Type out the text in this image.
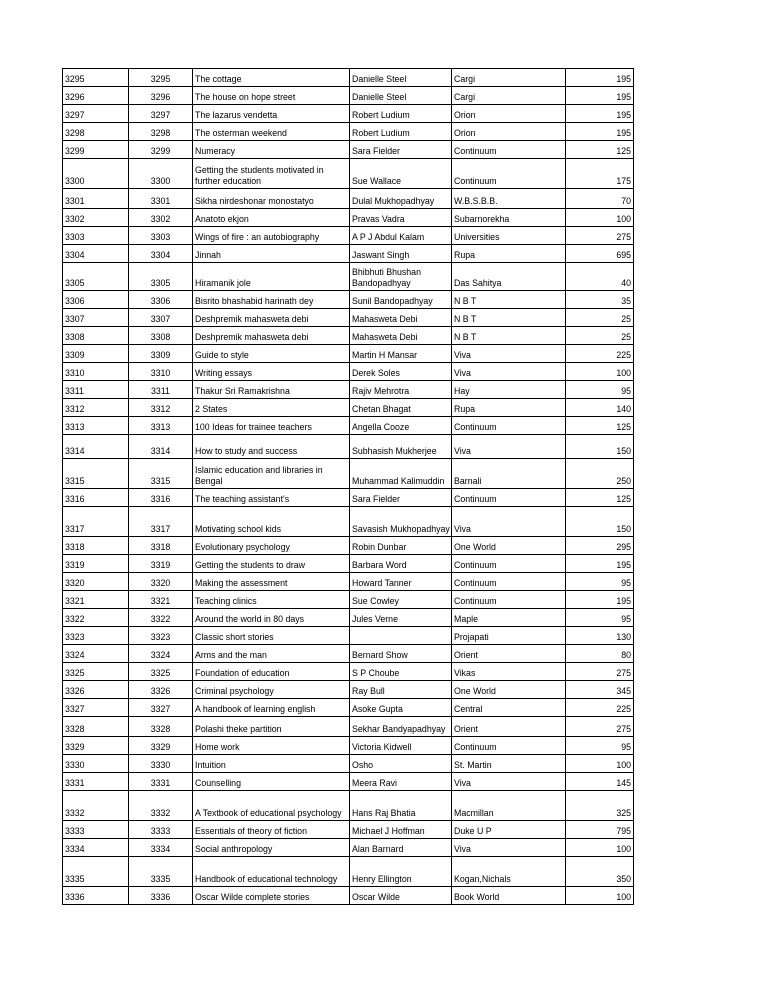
3295	3295	The cottage	Danielle Steel	Cargi	195
3296	3296	The house on hope street	Danielle Steel	Cargi	195
3297	3297	The lazarus vendetta	Robert Ludium	Orion	195
3298	3298	The osterman weekend	Robert Ludium	Orion	195
3299	3299	Numeracy	Sara Fielder	Continuum	125
3300	3300	Getting the students motivated in further education	Sue Wallace	Continuum	175
3301	3301	Sikha nirdeshonar monostatyo	Dulal Mukhopadhyay	W.B.S.B.B.	70
3302	3302	Anatoto ekjon	Pravas Vadra	Subarnorekha	100
3303	3303	Wings of fire : an autobiography	A P J Abdul Kalam	Universities	275
3304	3304	Jinnah	Jaswant Singh	Rupa	695
3305	3305	Hiramanik jole	Bhibhuti Bhushan Bandopadhyay	Das Sahitya	40
3306	3306	Bisrito bhashabid harinath dey	Sunil Bandopadhyay	N B T	35
3307	3307	Deshpremik mahasweta debi	Mahasweta Debi	N B T	25
3308	3308	Deshpremik mahasweta debi	Mahasweta Debi	N B T	25
3309	3309	Guide to style	Martin H Mansar	Viva	225
3310	3310	Writing essays	Derek Soles	Viva	100
3311	3311	Thakur Sri Ramakrishna	Rajiv Mehrotra	Hay	95
3312	3312	2 States	Chetan Bhagat	Rupa	140
3313	3313	100 Ideas for trainee teachers	Angella Cooze	Continuum	125
3314	3314	How to study and success	Subhasish Mukherjee	Viva	150
3315	3315	Islamic education and libraries in Bengal	Muhammad Kalimuddin	Barnali	250
3316	3316	The teaching assistant's	Sara Fielder	Continuum	125
3317	3317	Motivating school kids	Savasish Mukhopadhyay	Viva	150
3318	3318	Evolutionary psychology	Robin Dunbar	One World	295
3319	3319	Getting the students to draw	Barbara Word	Continuum	195
3320	3320	Making the assessment	Howard Tanner	Continuum	95
3321	3321	Teaching clinics	Sue Cowley	Continuum	195
3322	3322	Around the world in 80 days	Jules Verne	Maple	95
3323	3323	Classic short stories		Projapati	130
3324	3324	Arms and the man	Bernard Show	Orient	80
3325	3325	Foundation of education	S P Choube	Vikas	275
3326	3326	Criminal psychology	Ray Bull	One World	345
3327	3327	A handbook of learning english	Asoke Gupta	Central	225
3328	3328	Polashi theke partition	Sekhar Bandyapadhyay	Orient	275
3329	3329	Home work	Victoria Kidwell	Continuum	95
3330	3330	Intuition	Osho	St. Martin	100
3331	3331	Counselling	Meera Ravi	Viva	145
3332	3332	A Textbook of educational psychology	Hans Raj Bhatia	Macmillan	325
3333	3333	Essentials of theory of fiction	Michael J Hoffman	Duke U P	795
3334	3334	Social anthropology	Alan Barnard	Viva	100
3335	3335	Handbook of educational technology	Henry Ellington	Kogan,Nichals	350
3336	3336	Oscar Wilde complete stories	Oscar Wilde	Book World	100
